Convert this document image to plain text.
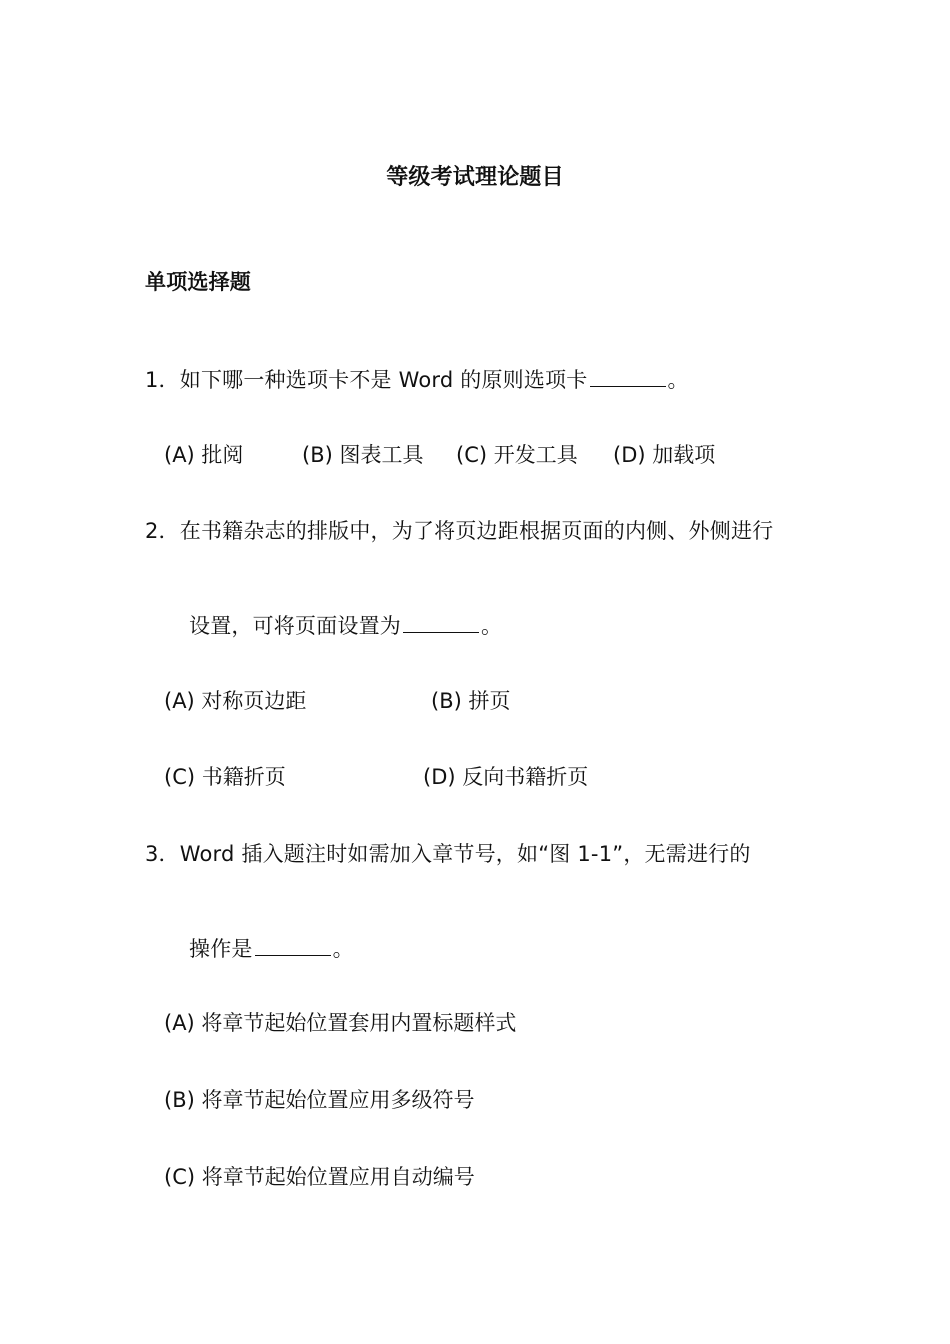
等级考试理论题目
单项选择题
1．如下哪一种选项卡不是 Word 的原则选项卡	。
(A) 批阅	(B) 图表工具 (C) 开发工具 (D) 加载项
2．在书籍杂志的排版中，为了将页边距根据页面的内侧、外侧进行
设置，可将页面设置为	。
(A) 对称页边距	(B) 拼页
(C) 书籍折页	(D) 反向书籍折页
3．Word 插入题注时如需加入章节号，如“图 1-1”，无需进行的
操作是	。
(A) 将章节起始位置套用内置标题样式
(B) 将章节起始位置应用多级符号
(C) 将章节起始位置应用自动编号
